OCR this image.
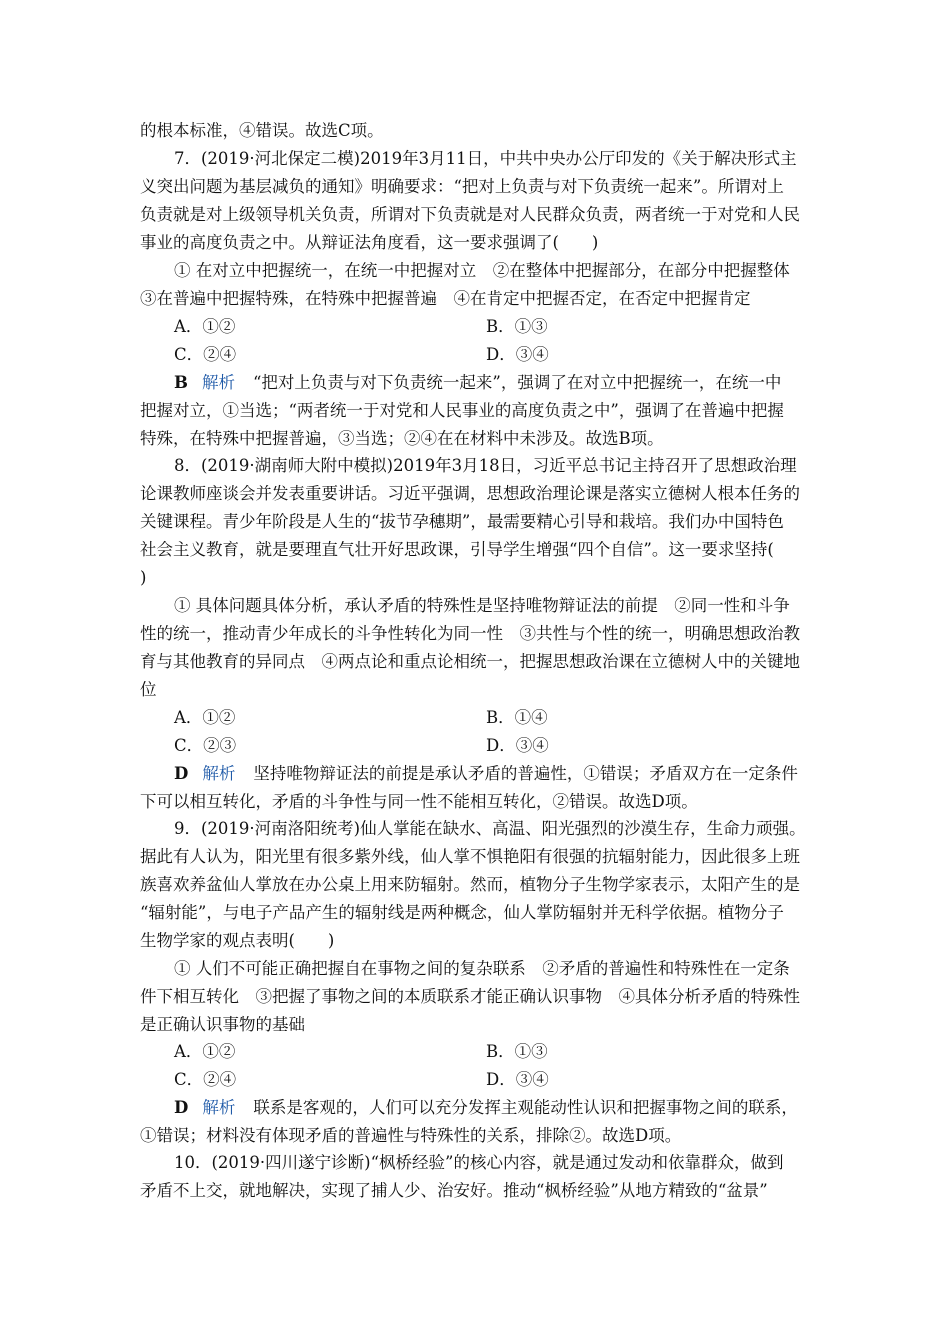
的根本标准，④错误。故选C项。
7．(2019·河北保定二模)2019年3月11日，中共中央办公厅印发的《关于解决形式主
义突出问题为基层减负的通知》明确要求：“把对上负责与对下负责统一起来”。所谓对上
负责就是对上级领导机关负责，所谓对下负责就是对人民群众负责，两者统一于对党和人民
事业的高度负责之中。从辩证法角度看，这一要求强调了(　　)
① 在对立中把握统一，在统一中把握对立　②在整体中把握部分，在部分中把握整体
③在普遍中把握特殊，在特殊中把握普遍　④在肯定中把握否定，在否定中把握肯定
A．①②	B．①③
C．②④	D．③④
B 解析 “把对上负责与对下负责统一起来”，强调了在对立中把握统一，在统一中
把握对立，①当选；“两者统一于对党和人民事业的高度负责之中”，强调了在普遍中把握
特殊，在特殊中把握普遍，③当选；②④在在材料中未涉及。故选B项。
8．(2019·湖南师大附中模拟)2019年3月18日，习近平总书记主持召开了思想政治理
论课教师座谈会并发表重要讲话。习近平强调，思想政治理论课是落实立德树人根本任务的
关键课程。青少年阶段是人生的“拔节孕穗期”，最需要精心引导和栽培。我们办中国特色
社会主义教育，就是要理直气壮开好思政课，引导学生增强“四个自信”。这一要求坚持(
)
① 具体问题具体分析，承认矛盾的特殊性是坚持唯物辩证法的前提　②同一性和斗争
性的统一，推动青少年成长的斗争性转化为同一性　③共性与个性的统一，明确思想政治教
育与其他教育的异同点　④两点论和重点论相统一，把握思想政治课在立德树人中的关键地
位
A．①②	B．①④
C．②③	D．③④
D 解析 坚持唯物辩证法的前提是承认矛盾的普遍性，①错误；矛盾双方在一定条件
下可以相互转化，矛盾的斗争性与同一性不能相互转化，②错误。故选D项。
9．(2019·河南洛阳统考)仙人掌能在缺水、高温、阳光强烈的沙漠生存，生命力顽强。
据此有人认为，阳光里有很多紫外线，仙人掌不惧艳阳有很强的抗辐射能力，因此很多上班
族喜欢养盆仙人掌放在办公桌上用来防辐射。然而，植物分子生物学家表示，太阳产生的是
“辐射能”，与电子产品产生的辐射线是两种概念，仙人掌防辐射并无科学依据。植物分子
生物学家的观点表明(　　)
① 人们不可能正确把握自在事物之间的复杂联系　②矛盾的普遍性和特殊性在一定条
件下相互转化　③把握了事物之间的本质联系才能正确认识事物　④具体分析矛盾的特殊性
是正确认识事物的基础
A．①②	B．①③
C．②④	D．③④
D 解析 联系是客观的，人们可以充分发挥主观能动性认识和把握事物之间的联系，
①错误；材料没有体现矛盾的普遍性与特殊性的关系，排除②。故选D项。
10．(2019·四川遂宁诊断)“枫桥经验”的核心内容，就是通过发动和依靠群众，做到
矛盾不上交，就地解决，实现了捕人少、治安好。推动“枫桥经验”从地方精致的“盆景”
